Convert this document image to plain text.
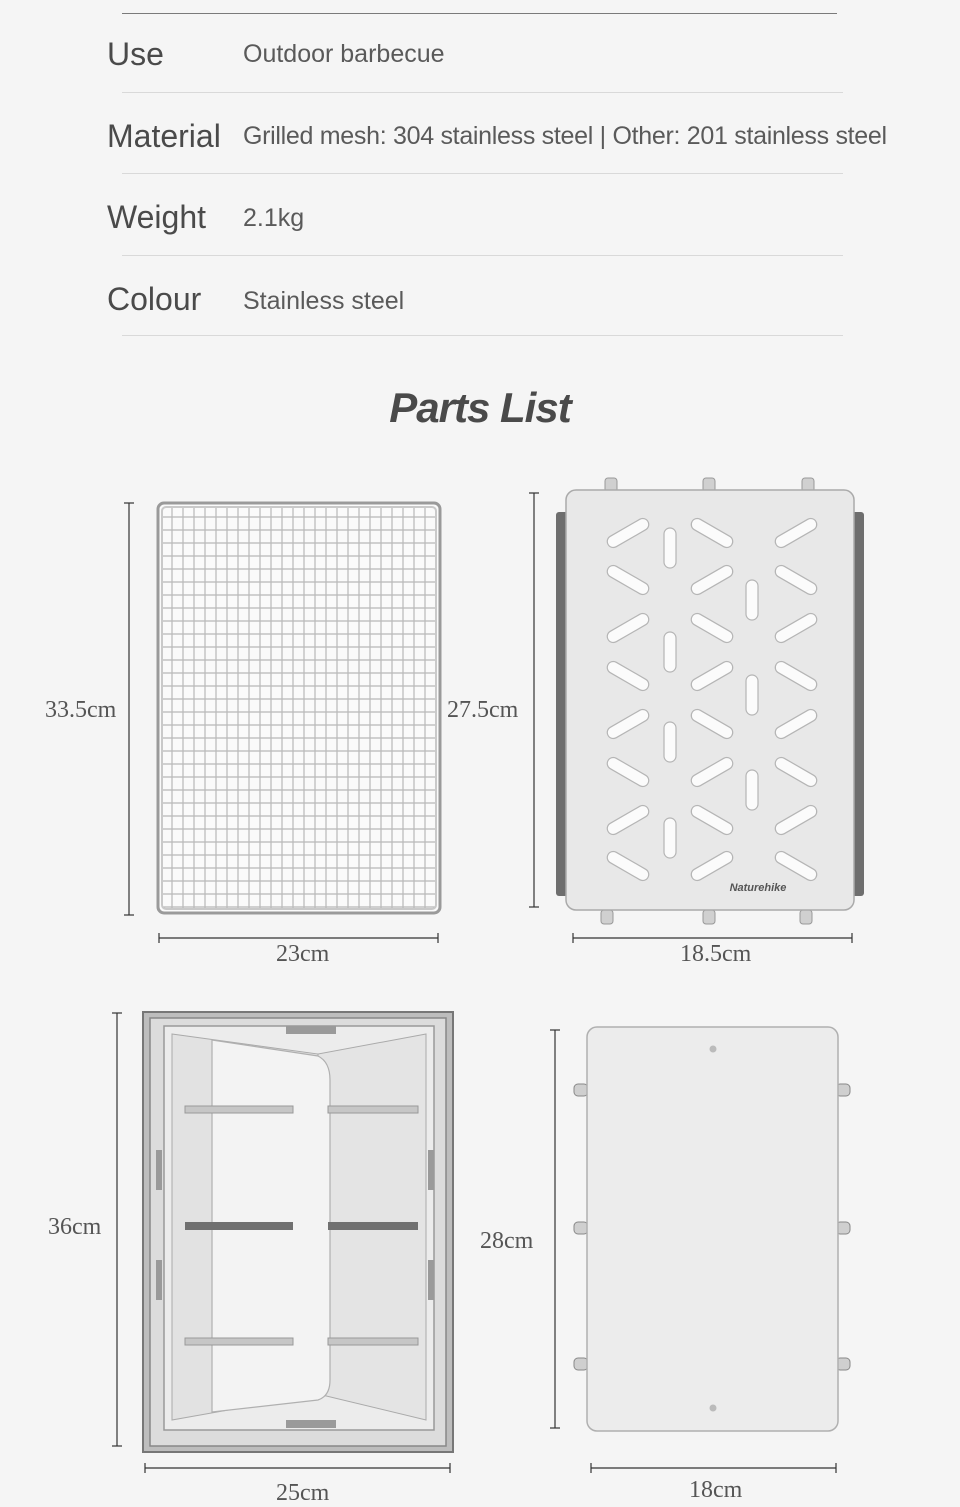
Use	Outdoor barbecue
Material Grilled mesh: 304 stainless steel | Other: 201 stainless steel
Weight 2.1kg
Colour Stainless steel
Parts List
33.5cm
23cm
Naturehike
27.5cm
18.5cm
36cm
25cm
28cm
18cm
